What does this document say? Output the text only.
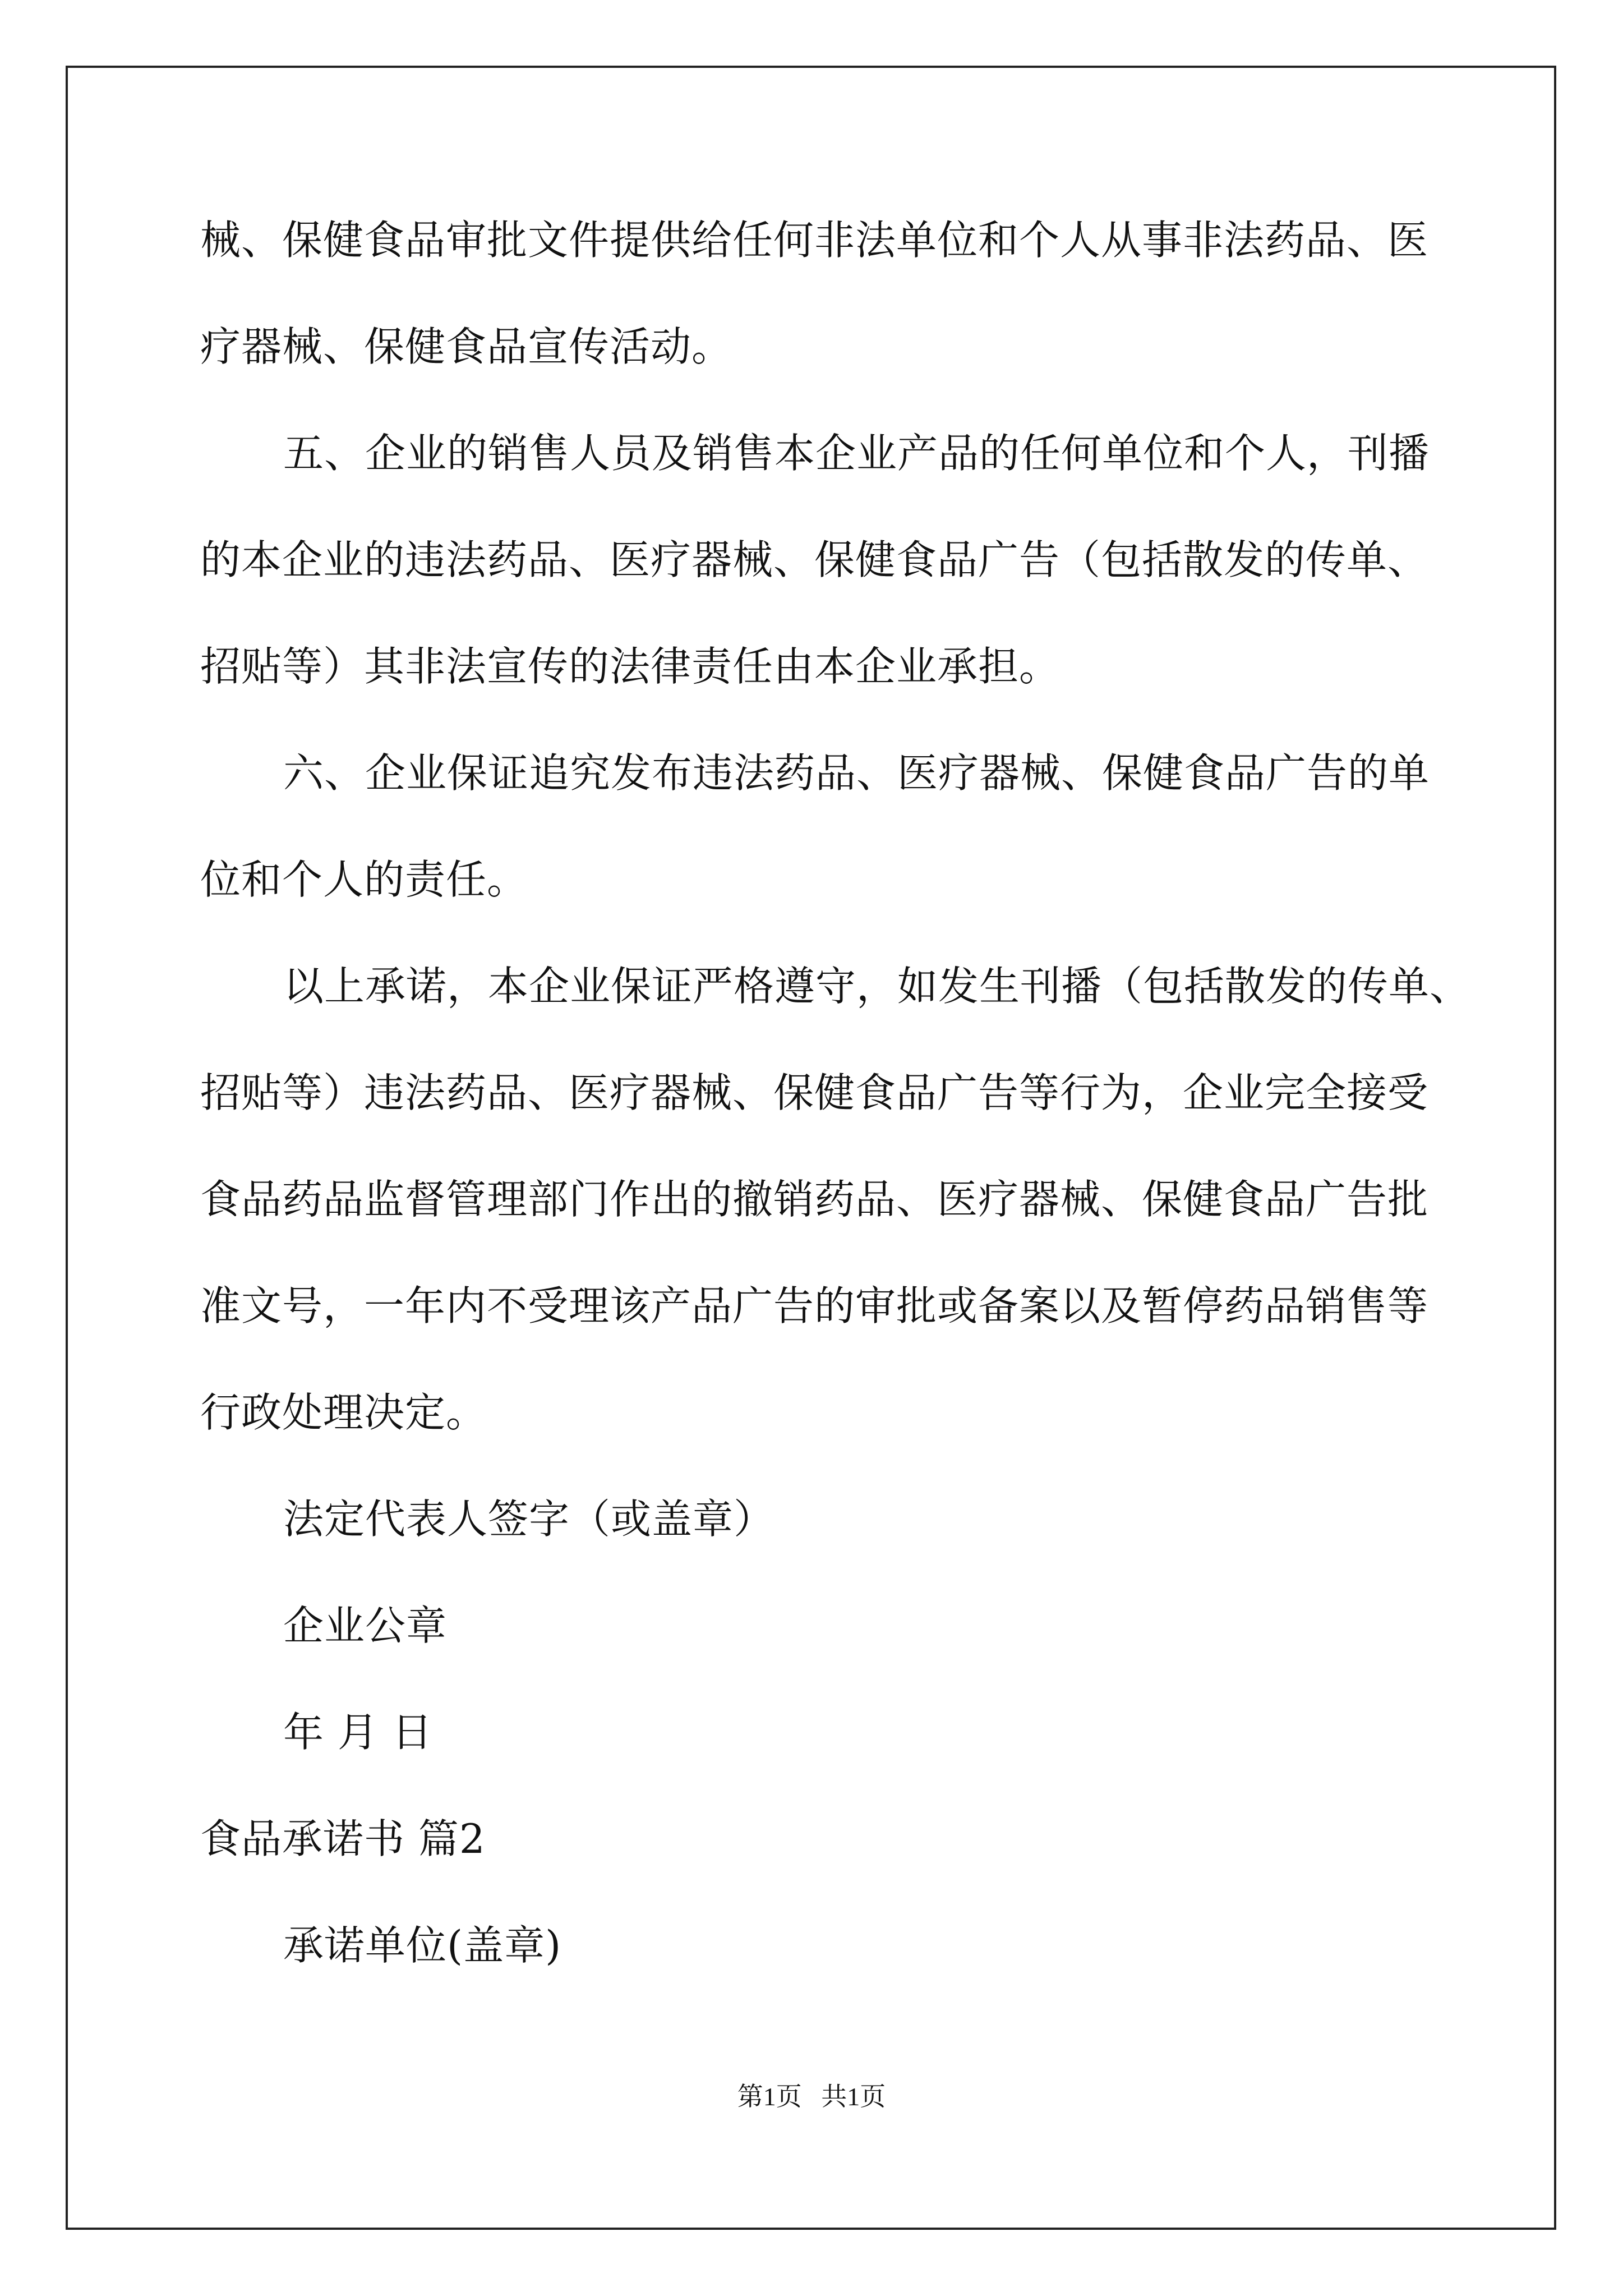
械、保健食品审批文件提供给任何非法单位和个人从事非法药品、医
疗器械、保健食品宣传活动。
五、企业的销售人员及销售本企业产品的任何单位和个人，刊播
的本企业的违法药品、医疗器械、保健食品广告（包括散发的传单、
招贴等）其非法宣传的法律责任由本企业承担。
六、企业保证追究发布违法药品、医疗器械、保健食品广告的单
位和个人的责任。
以上承诺，本企业保证严格遵守，如发生刊播（包括散发的传单、
招贴等）违法药品、医疗器械、保健食品广告等行为，企业完全接受
食品药品监督管理部门作出的撤销药品、医疗器械、保健食品广告批
准文号，一年内不受理该产品广告的审批或备案以及暂停药品销售等
行政处理决定。
法定代表人签字（或盖章）
企业公章
年 月 日
食品承诺书 篇2
承诺单位(盖章)
第1页   共1页
